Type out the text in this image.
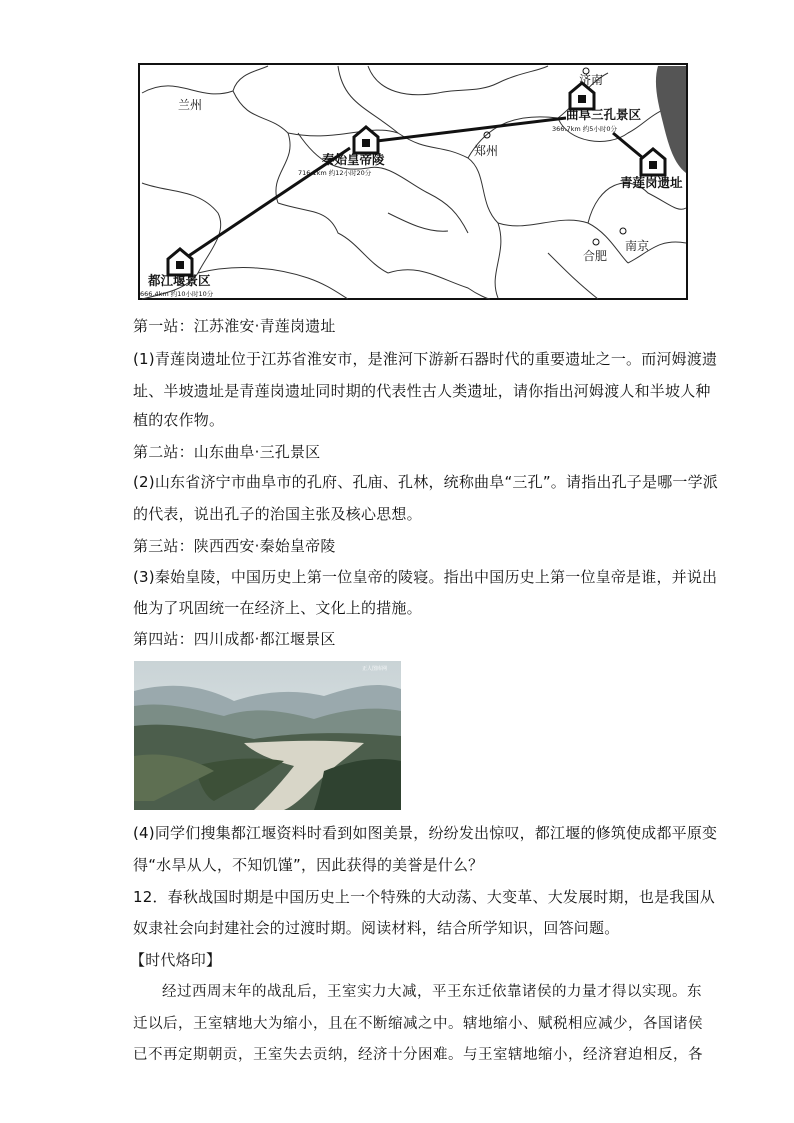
兰州
济南
郑州
合肥
南京
曲阜三孔景区
秦始皇帝陵
青莲岗遗址
都江堰景区
366.7km 约5小时0分
716.1km 约12小时20分
666.4km 约10小时10分
第一站：江苏淮安·青莲岗遗址
(1)青莲岗遗址位于江苏省淮安市，是淮河下游新石器时代的重要遗址之一。而河姆渡遗
址、半坡遗址是青莲岗遗址同时期的代表性古人类遗址，请你指出河姆渡人和半坡人种
植的农作物。
第二站：山东曲阜·三孔景区
(2)山东省济宁市曲阜市的孔府、孔庙、孔林，统称曲阜“三孔”。请指出孔子是哪一学派
的代表，说出孔子的治国主张及核心思想。
第三站：陕西西安·秦始皇帝陵
(3)秦始皇陵，中国历史上第一位皇帝的陵寝。指出中国历史上第一位皇帝是谁，并说出
他为了巩固统一在经济上、文化上的措施。
第四站：四川成都·都江堰景区
正人图库网
(4)同学们搜集都江堰资料时看到如图美景，纷纷发出惊叹，都江堰的修筑使成都平原变
得“水旱从人，不知饥馑”，因此获得的美誉是什么？
12．春秋战国时期是中国历史上一个特殊的大动荡、大变革、大发展时期，也是我国从
奴隶社会向封建社会的过渡时期。阅读材料，结合所学知识，回答问题。
【时代烙印】
经过西周末年的战乱后，王室实力大减，平王东迁依靠诸侯的力量才得以实现。东
迁以后，王室辖地大为缩小，且在不断缩减之中。辖地缩小、赋税相应减少，各国诸侯
已不再定期朝贡，王室失去贡纳，经济十分困难。与王室辖地缩小，经济窘迫相反，各
